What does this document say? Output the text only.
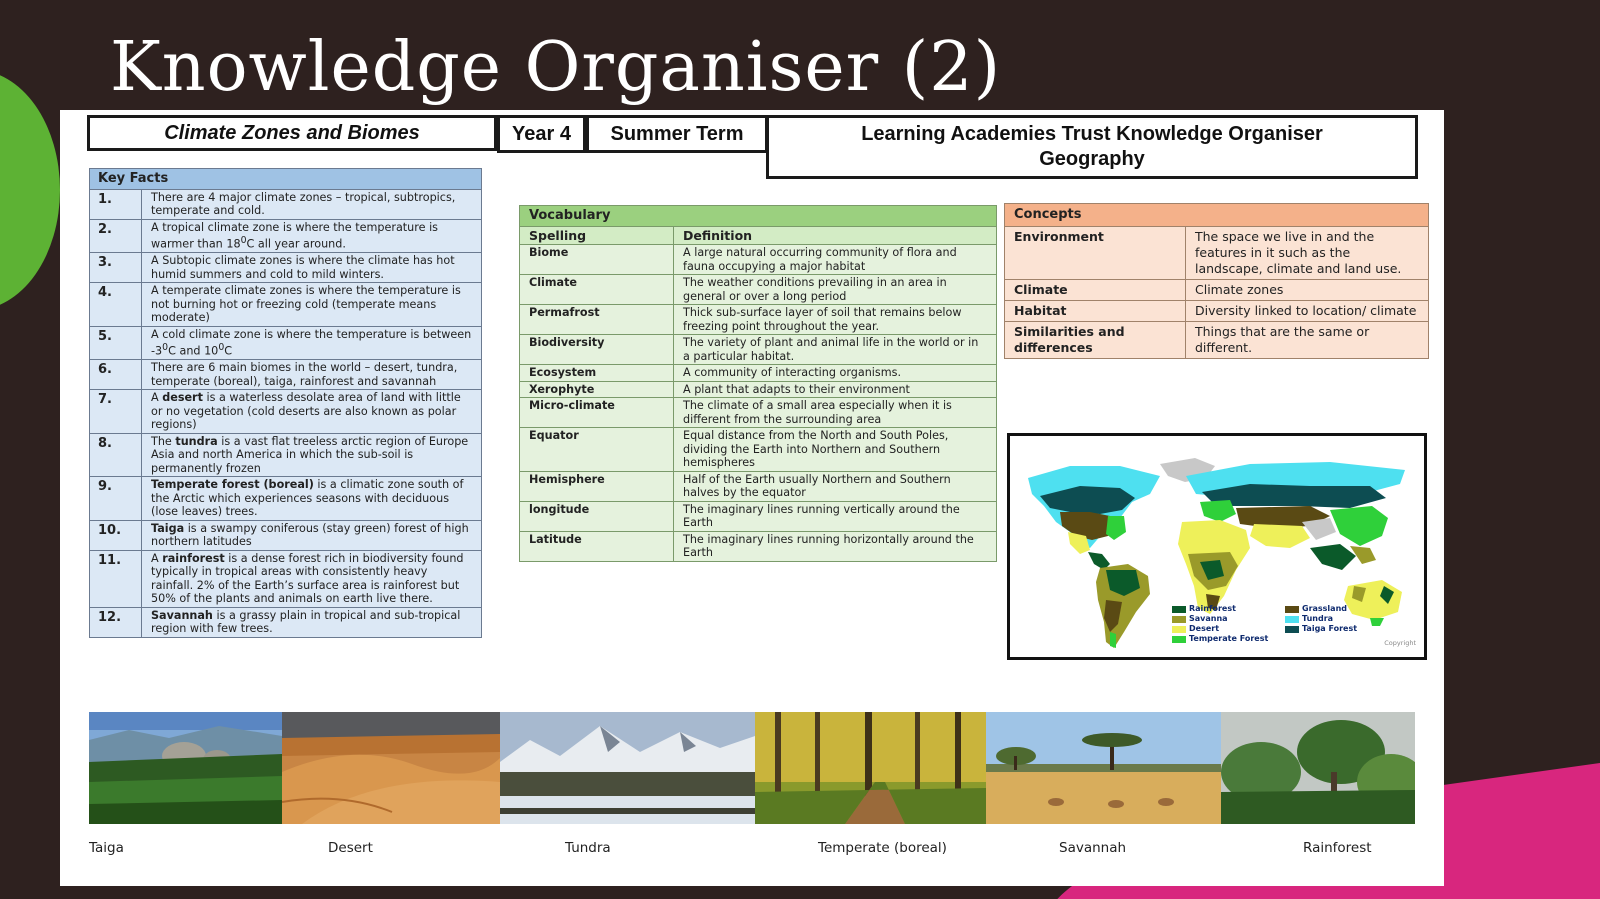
Knowledge Organiser (2)
Climate Zones and Biomes	Year 4	Summer Term	Learning Academies Trust Knowledge Organiser Geography
Key Facts	
1.	There are 4 major climate zones – tropical, subtropics, temperate and cold.
2.	A tropical climate zone is where the temperature is warmer than $18^0C$ all year around.
3.	A Subtopic climate zones is where the climate has hot humid summers and cold to mild winters.
4.	A temperate climate zones is where the temperature is not burning hot or freezing cold (temperate means moderate)
5.	A cold climate zone is where the temperature is between $-3^0C$ and $10^0C$
6.	There are 6 main biomes in the world – desert, tundra, temperate (boreal), taiga, rainforest and savannah
7.	A desert is a waterless desolate area of land with little or no vegetation (cold deserts are also known as polar regions)
8.	The tundra is a vast flat treeless arctic region of Europe Asia and north America in which the sub-soil is permanently frozen
9.	Temperate forest (boreal) is a climatic zone south of the Arctic which experiences seasons with deciduous (lose leaves) trees.
10.	Taiga is a swampy coniferous (stay green) forest of high northern latitudes
11.	A rainforest is a dense forest rich in biodiversity found typically in tropical areas with consistently heavy rainfall. 2% of the Earth’s surface area is rainforest but 50% of the plants and animals on earth live there.
12.	Savannah is a grassy plain in tropical and sub-tropical region with few trees.
Vocabulary	
Spelling	Definition
Biome	A large natural occurring community of flora and fauna occupying a major habitat
Climate	The weather conditions prevailing in an area in general or over a long period
Permafrost	Thick sub-surface layer of soil that remains below freezing point throughout the year.
Biodiversity	The variety of plant and animal life in the world or in a particular habitat.
Ecosystem	A community of interacting organisms.
Xerophyte	A plant that adapts to their environment
Micro-climate	The climate of a small area especially when it is different from the surrounding area
Equator	Equal distance from the North and South Poles, dividing the Earth into Northern and Southern hemispheres
Hemisphere	Half of the Earth usually Northern and Southern halves by the equator
longitude	The imaginary lines running vertically around the Earth
Latitude	The imaginary lines running horizontally around the Earth
Concepts	
Environment	The space we live in and the features in it such as the landscape, climate and land use.
Climate	Climate zones
Habitat	Diversity linked to location/ climate
Similarities and differences	Things that are the same or different.
Rainforest
Savanna
Desert
Temperate Forest
Grassland
Tundra
Taiga Forest
Copyright
Taiga	Desert	Tundra	Temperate (boreal)	Savannah	Rainforest
